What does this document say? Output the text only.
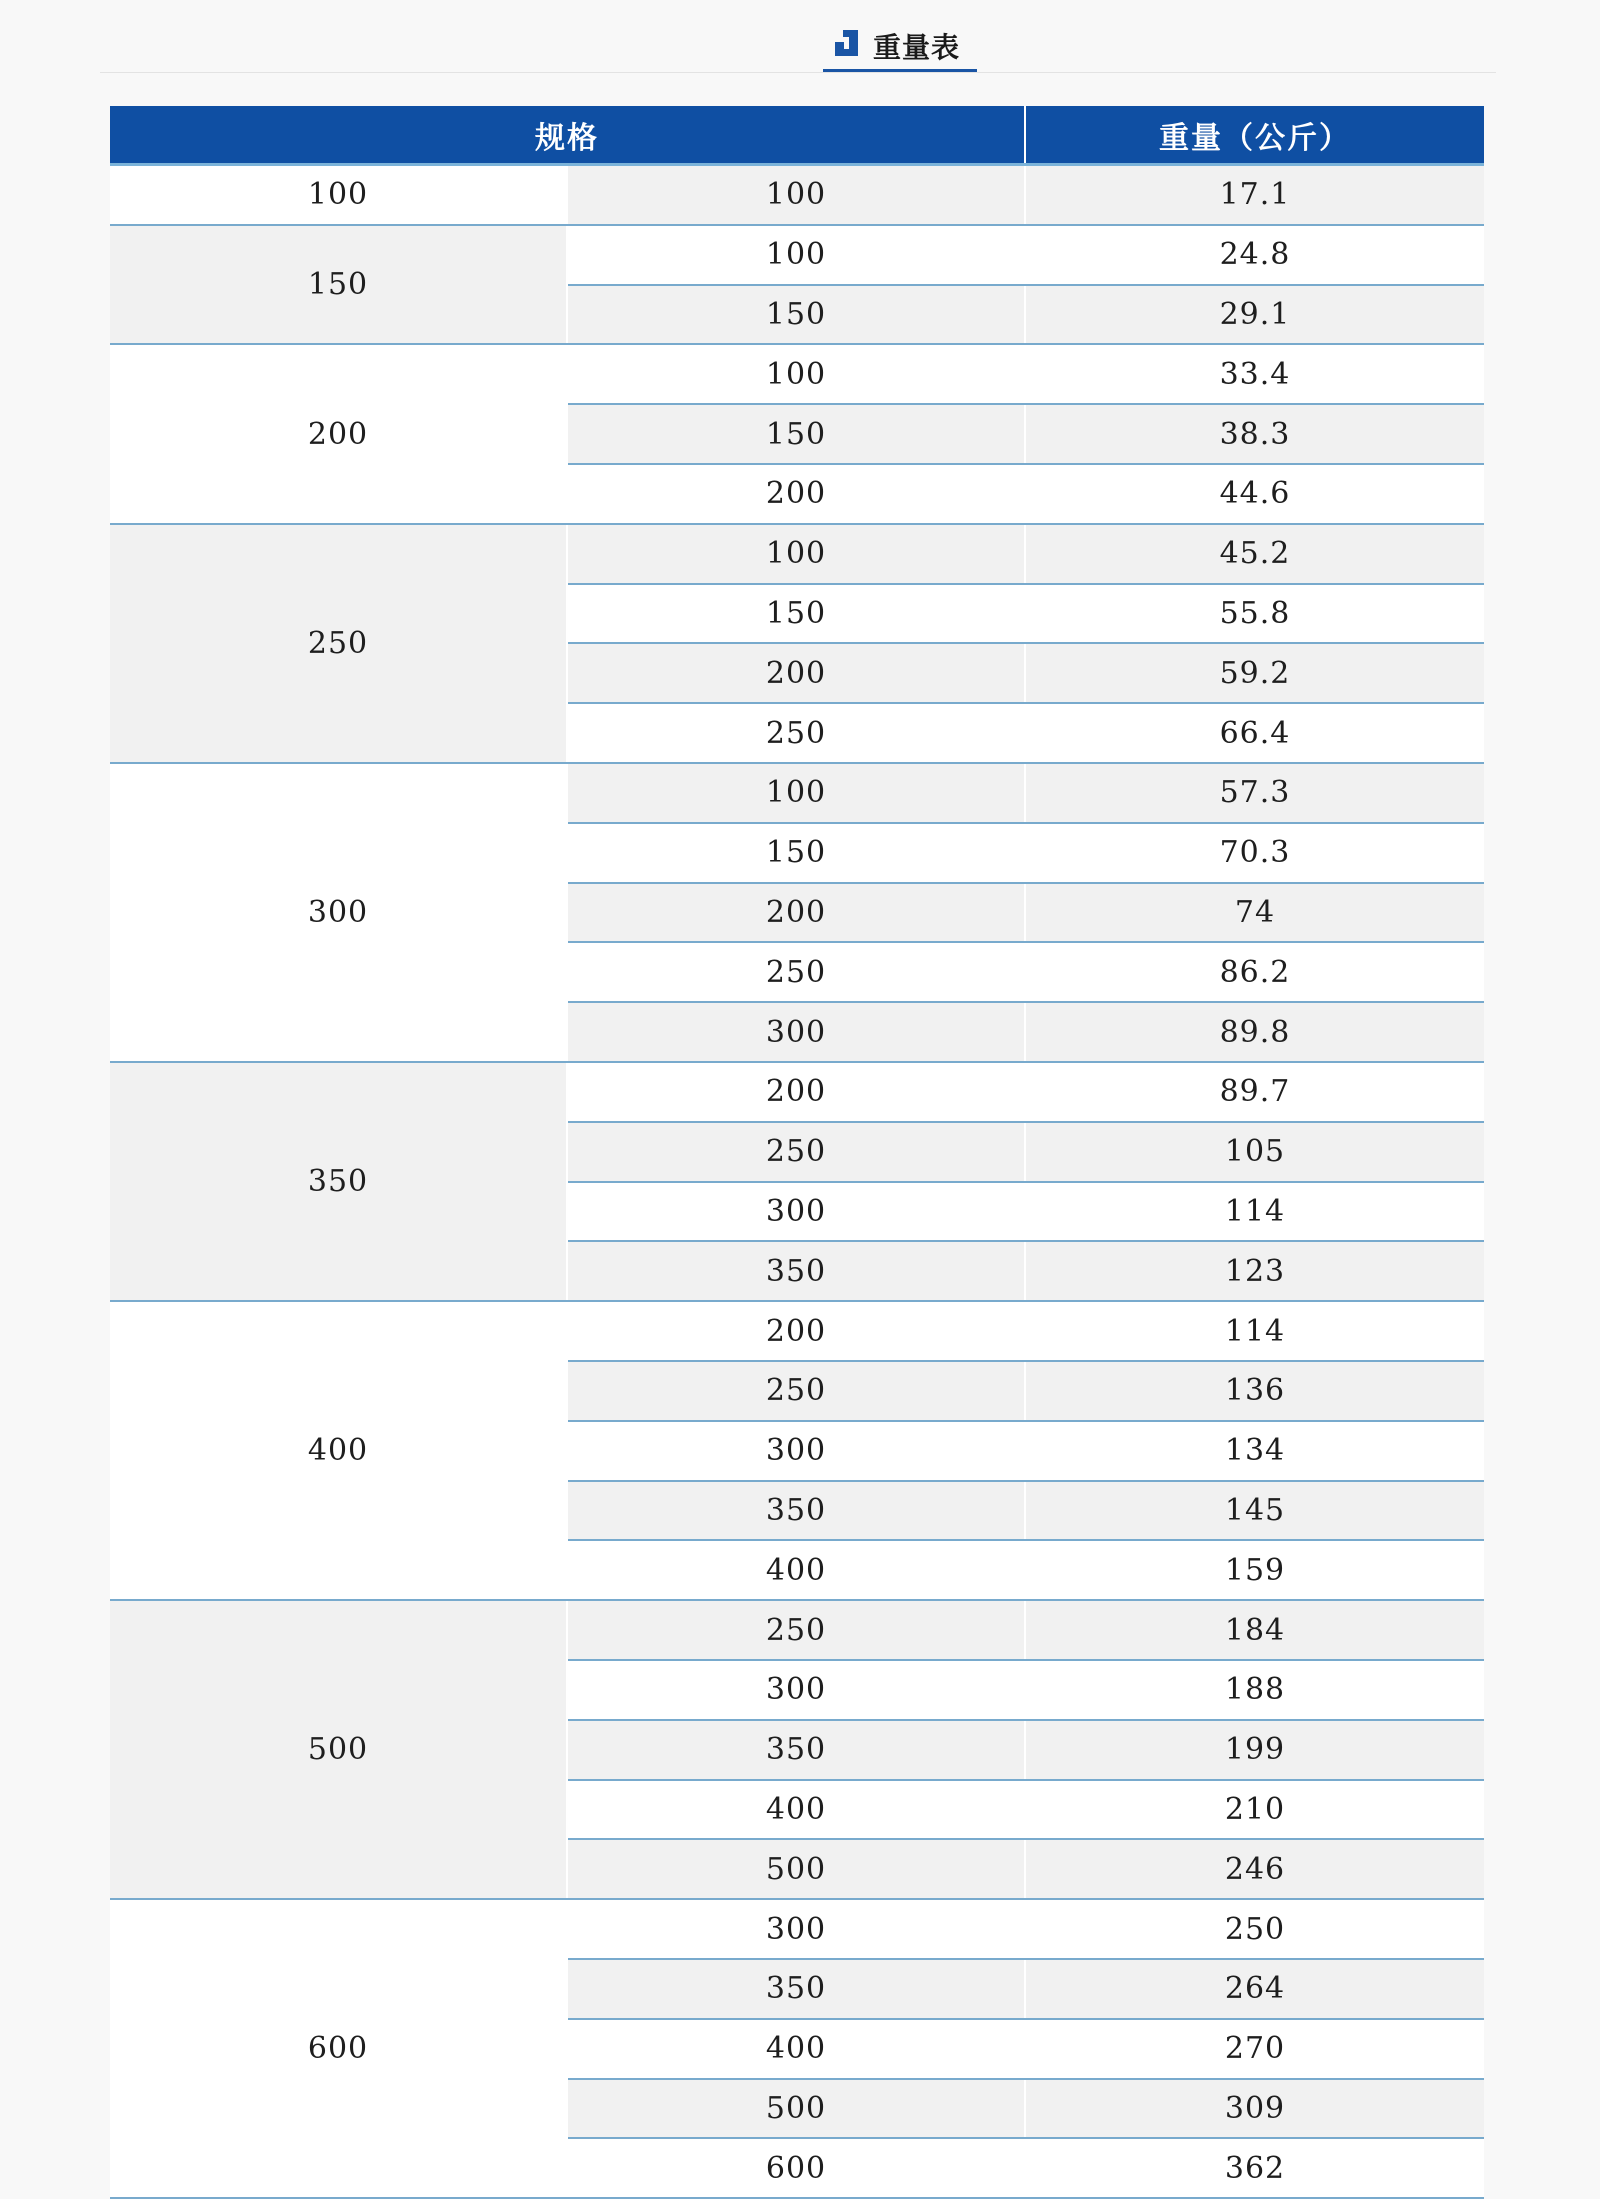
重量表
规格		重量（公斤）
100	100	17.1
150	100	24.8
	150	29.1
200	100	33.4
	150	38.3
	200	44.6
250	100	45.2
	150	55.8
	200	59.2
	250	66.4
300	100	57.3
	150	70.3
	200	74
	250	86.2
	300	89.8
350	200	89.7
	250	105
	300	114
	350	123
400	200	114
	250	136
	300	134
	350	145
	400	159
500	250	184
	300	188
	350	199
	400	210
	500	246
600	300	250
	350	264
	400	270
	500	309
	600	362
